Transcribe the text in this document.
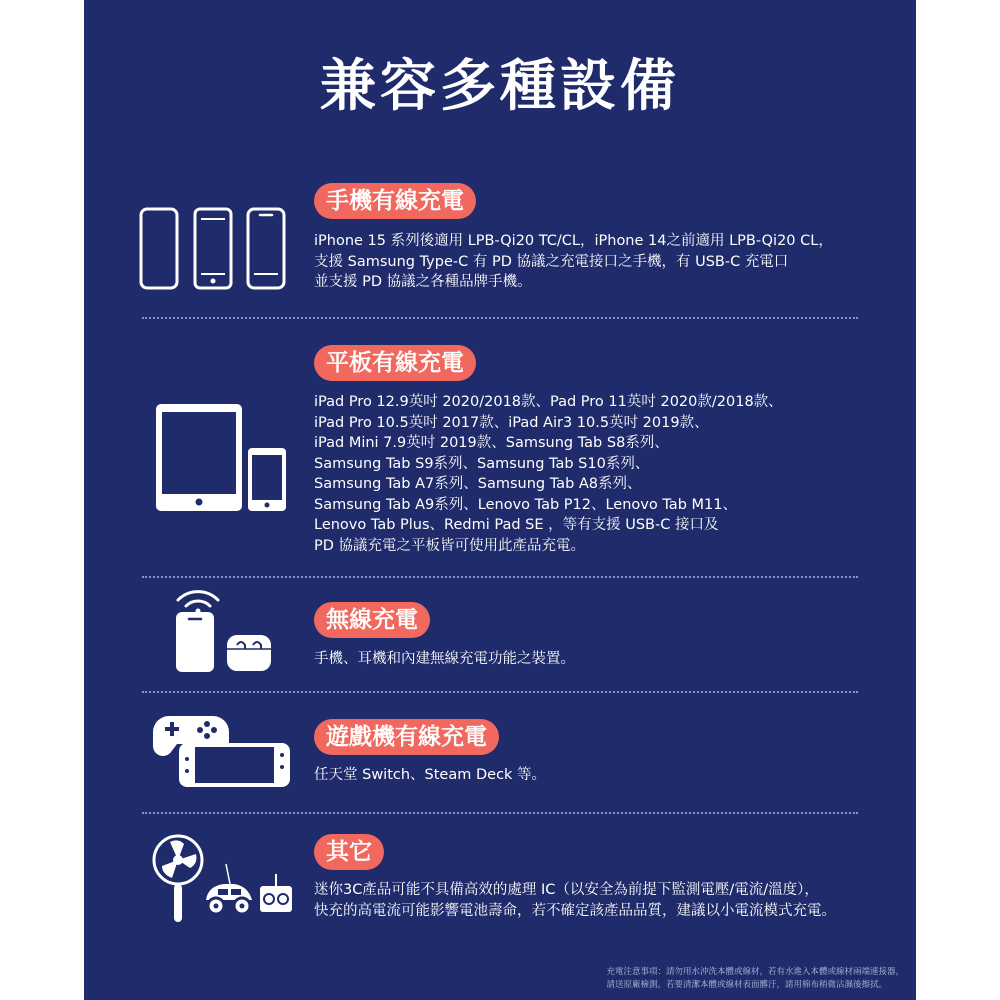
兼容多種設備
手機有線充電
iPhone 15 系列後適用 LPB-Qi20 TC/CL，iPhone 14之前適用 LPB-Qi20 CL，
支援 Samsung Type-C 有 PD 協議之充電接口之手機，有 USB-C 充電口
並支援 PD 協議之各種品牌手機。
平板有線充電
iPad Pro 12.9英吋 2020/2018款、Pad Pro 11英吋 2020款/2018款、
iPad Pro 10.5英吋 2017款、iPad Air3 10.5英吋 2019款、
iPad Mini 7.9英吋 2019款、Samsung Tab S8系列、
Samsung Tab S9系列、Samsung Tab S10系列、
Samsung Tab A7系列、Samsung Tab A8系列、
Samsung Tab A9系列、Lenovo Tab P12、Lenovo Tab M11、
Lenovo Tab Plus、Redmi Pad SE ，等有支援 USB-C 接口及
PD 協議充電之平板皆可使用此產品充電。
無線充電
手機、耳機和內建無線充電功能之裝置。
遊戲機有線充電
任天堂 Switch、Steam Deck 等。
其它
迷你3C產品可能不具備高效的處理 IC（以安全為前提下監測電壓/電流/溫度），
快充的高電流可能影響電池壽命，若不確定該產品品質，建議以小電流模式充電。
充電注意事項：請勿用水沖洗本體或線材，若有水進入本體或線材兩端連接器，
請送原廠檢測。若要清潔本體或線材表面髒汙，請用棉布稍微沾濕後擦拭。
